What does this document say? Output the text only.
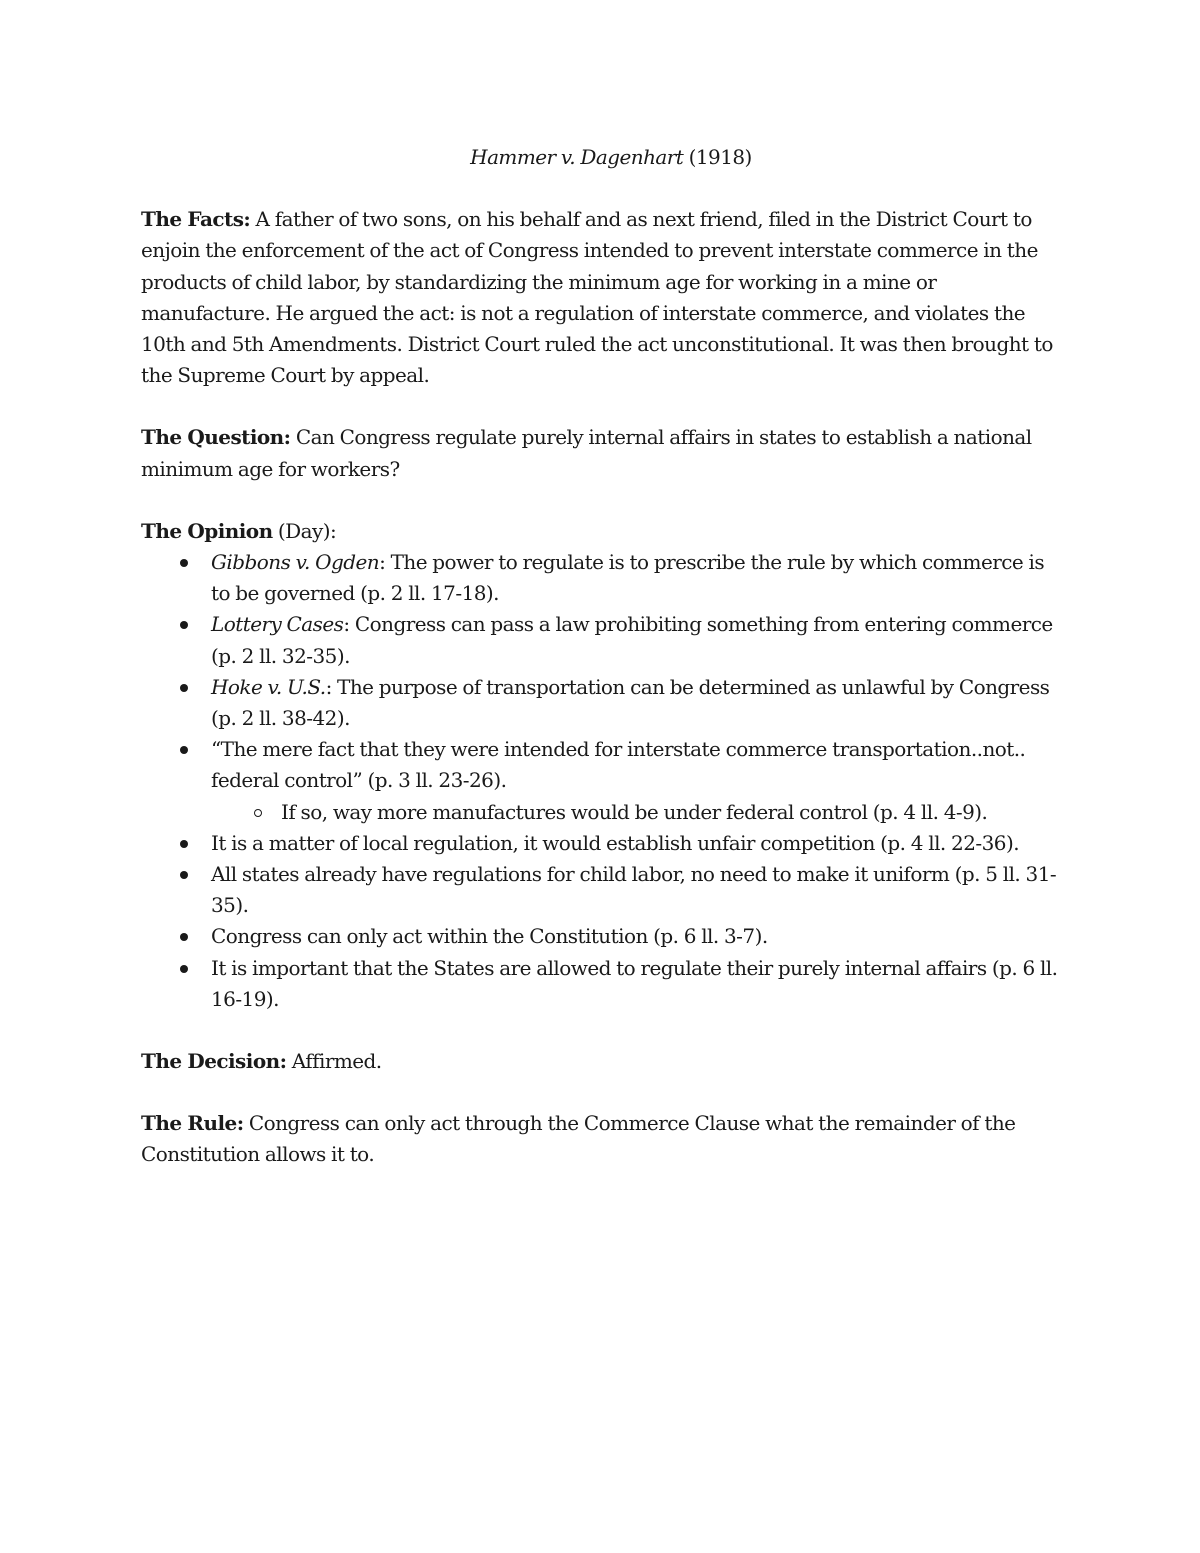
Hammer v. Dagenhart (1918)

The Facts: A father of two sons, on his behalf and as next friend, filed in the District Court to enjoin the enforcement of the act of Congress intended to prevent interstate commerce in the products of child labor, by standardizing the minimum age for working in a mine or manufacture. He argued the act: is not a regulation of interstate commerce, and violates the 10th and 5th Amendments. District Court ruled the act unconstitutional. It was then brought to the Supreme Court by appeal.

The Question: Can Congress regulate purely internal affairs in states to establish a national minimum age for workers?

The Opinion (Day):

Gibbons v. Ogden: The power to regulate is to prescribe the rule by which commerce is to be governed (p. 2 ll. 17-18).
Lottery Cases: Congress can pass a law prohibiting something from entering commerce (p. 2 ll. 32-35).
Hoke v. U.S.: The purpose of transportation can be determined as unlawful by Congress (p. 2 ll. 38-42).
“The mere fact that they were intended for interstate commerce transportation..not.. federal control” (p. 3 ll. 23-26).
If so, way more manufactures would be under federal control (p. 4 ll. 4-9).
It is a matter of local regulation, it would establish unfair competition (p. 4 ll. 22-36).
All states already have regulations for child labor, no need to make it uniform (p. 5 ll. 31-35).
Congress can only act within the Constitution (p. 6 ll. 3-7).
It is important that the States are allowed to regulate their purely internal affairs (p. 6 ll. 16-19).

The Decision: Affirmed.

The Rule: Congress can only act through the Commerce Clause what the remainder of the Constitution allows it to.
